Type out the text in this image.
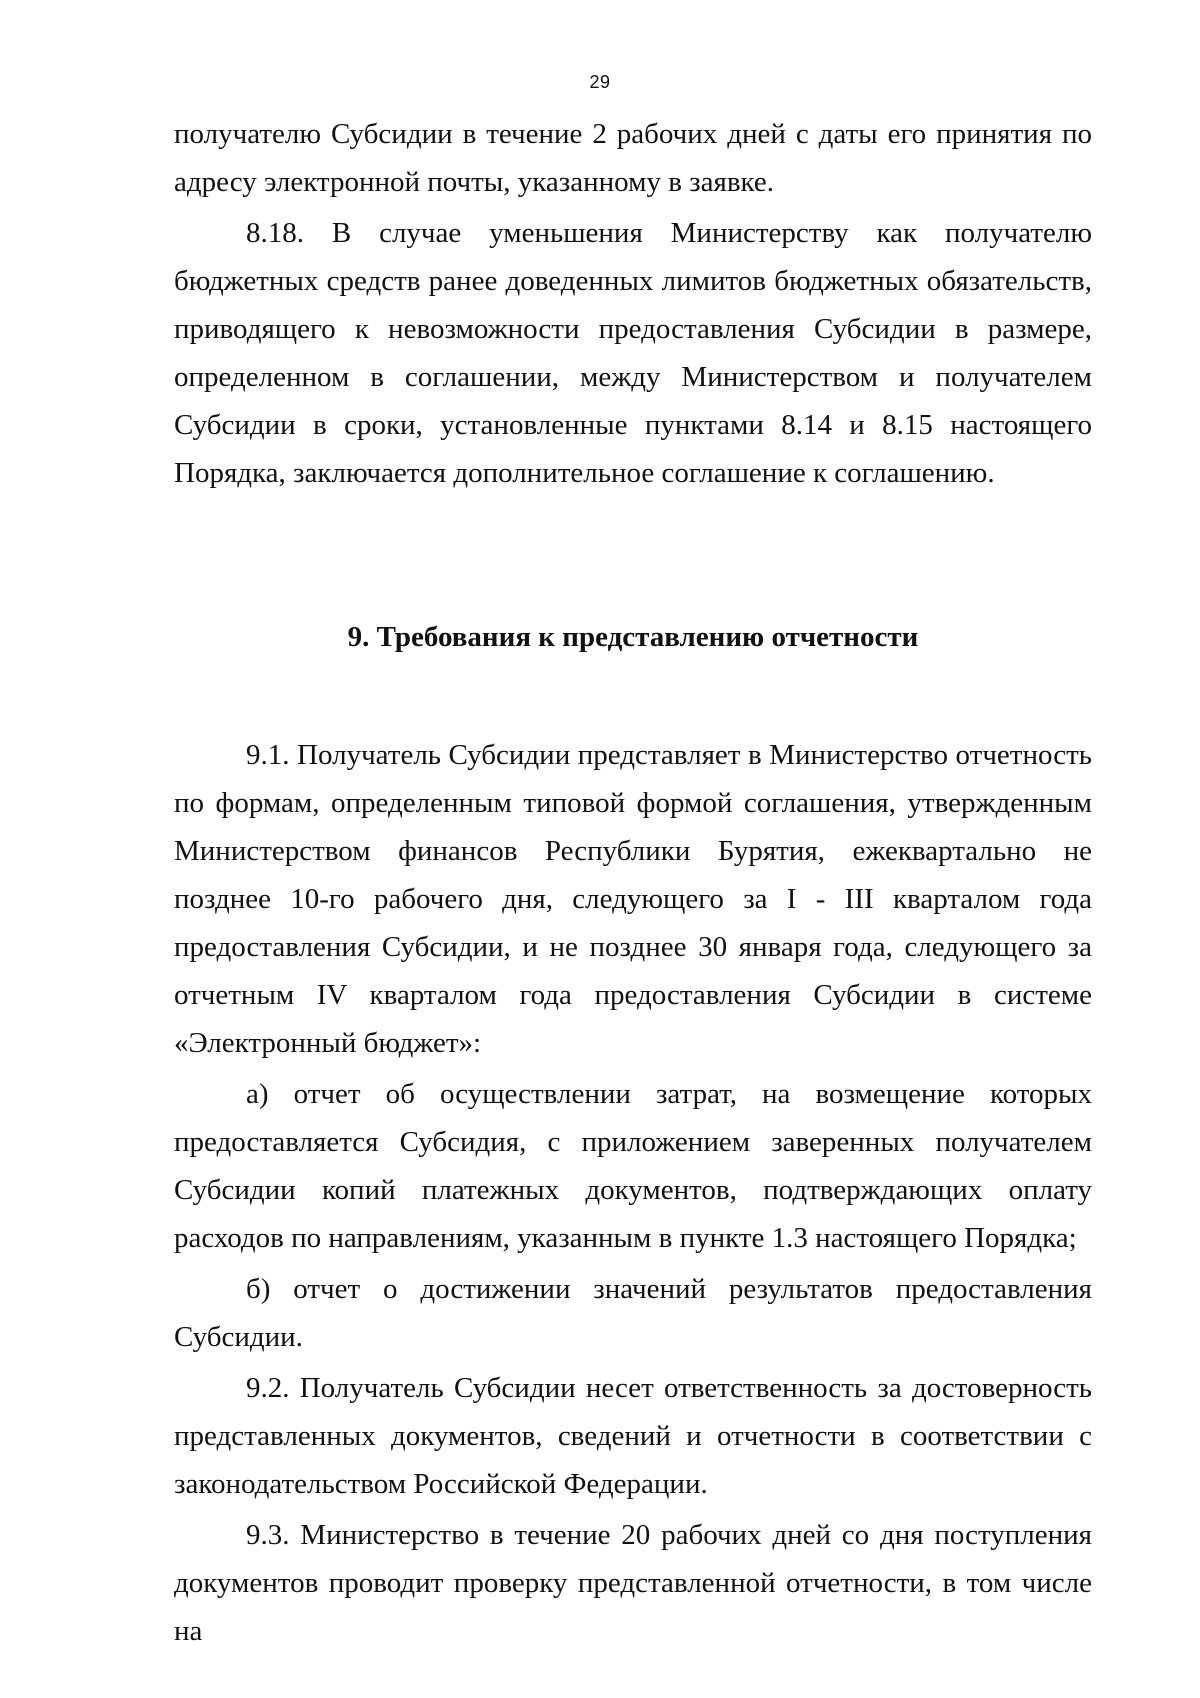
29

получателю Субсидии в течение 2 рабочих дней с даты его принятия по адресу электронной почты, указанному в заявке.

8.18. В случае уменьшения Министерству как получателю бюджетных средств ранее доведенных лимитов бюджетных обязательств, приводящего к невозможности предоставления Субсидии в размере, определенном в соглашении, между Министерством и получателем Субсидии в сроки, установленные пунктами 8.14 и 8.15 настоящего Порядка, заключается дополнительное соглашение к соглашению.

9. Требования к представлению отчетности

9.1. Получатель Субсидии представляет в Министерство отчетность по формам, определенным типовой формой соглашения, утвержденным Министерством финансов Республики Бурятия, ежеквартально не позднее 10-го рабочего дня, следующего за I - III кварталом года предоставления Субсидии, и не позднее 30 января года, следующего за отчетным IV кварталом года предоставления Субсидии в системе «Электронный бюджет»:

а) отчет об осуществлении затрат, на возмещение которых предоставляется Субсидия, с приложением заверенных получателем Субсидии копий платежных документов, подтверждающих оплату расходов по направлениям, указанным в пункте 1.3 настоящего Порядка;

б) отчет о достижении значений результатов предоставления Субсидии.

9.2. Получатель Субсидии несет ответственность за достоверность представленных документов, сведений и отчетности в соответствии с законодательством Российской Федерации.

9.3. Министерство в течение 20 рабочих дней со дня поступления документов проводит проверку представленной отчетности, в том числе на
